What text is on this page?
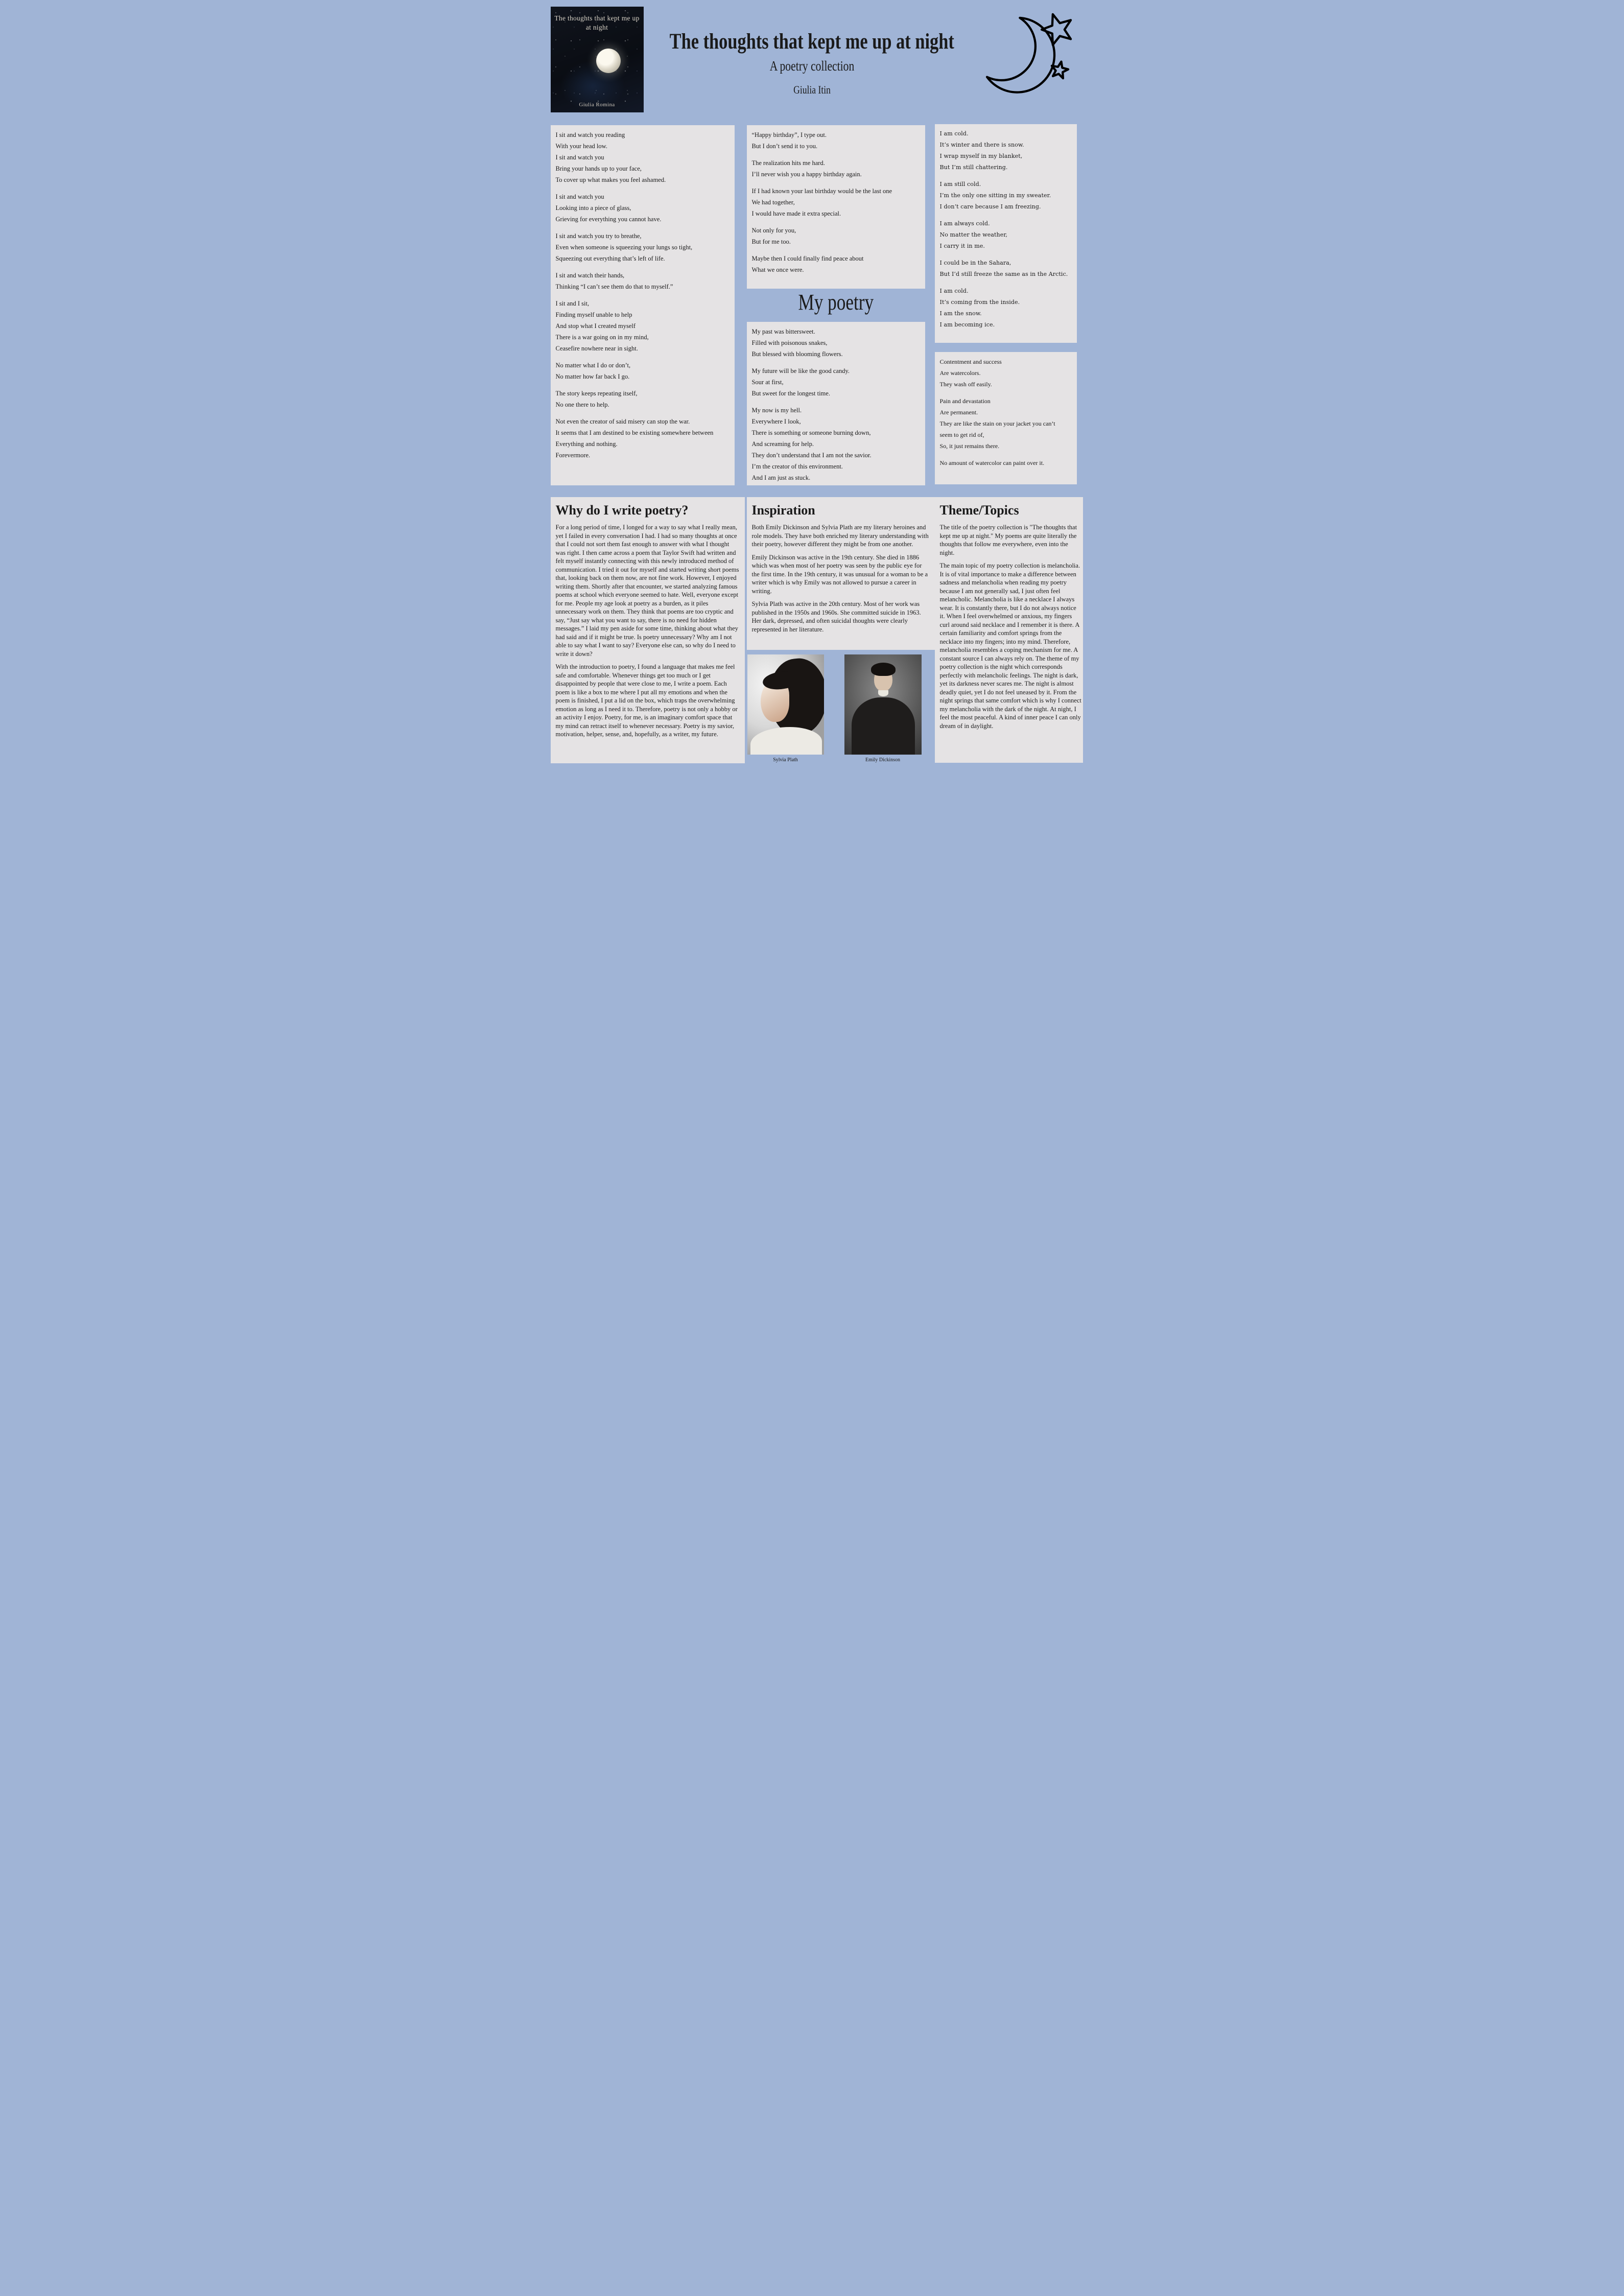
The thoughts that kept me up at night
Giulia Romina
The thoughts that kept me up at night
A poetry collection
Giulia Itin
I sit and watch you reading
With your head low.
I sit and watch you
Bring your hands up to your face,
To cover up what makes you feel ashamed.

I sit and watch you
Looking into a piece of glass,
Grieving for everything you cannot have.

I sit and watch you try to breathe,
Even when someone is squeezing your lungs so tight,
Squeezing out everything that’s left of life.

I sit and watch their hands,
Thinking “I can’t see them do that to myself.”

I sit and I sit,
Finding myself unable to help
And stop what I created myself
There is a war going on in my mind,
Ceasefire nowhere near in sight.

No matter what I do or don’t,
No matter how far back I go.

The story keeps repeating itself,
No one there to help.

Not even the creator of said misery can stop the war.
It seems that I am destined to be existing somewhere between
Everything and nothing.
Forevermore.
“Happy birthday”, I type out.
But I don’t send it to you.

The realization hits me hard.
I’ll never wish you a happy birthday again.

If I had known your last birthday would be the last one
We had together,
I would have made it extra special.

Not only for you,
But for me too.

Maybe then I could finally find peace about
What we once were.
My poetry
My past was bittersweet.
Filled with poisonous snakes,
But blessed with blooming flowers.

My future will be like the good candy.
Sour at first,
But sweet for the longest time.

My now is my hell.
Everywhere I look,
There is something or someone burning down,
And screaming for help.
They don’t understand that I am not the savior.
I’m the creator of this environment.
And I am just as stuck.
I am cold.
It’s winter and there is snow.
I wrap myself in my blanket,
But I’m still chattering.

I am still cold.
I’m the only one sitting in my sweater.
I don’t care because I am freezing.

I am always cold.
No matter the weather,
I carry it in me.

I could be in the Sahara,
But I’d still freeze the same as in the Arctic.

I am cold.
It’s coming from the inside.
I am the snow.
I am becoming ice.
Contentment and success
Are watercolors.
They wash off easily.

Pain and devastation
Are permanent.
They are like the stain on your jacket you can’t
seem to get rid of,
So, it just remains there.

No amount of watercolor can paint over it.
Why do I write poetry?

For a long period of time, I longed for a way to say what I really mean, yet I failed in every conversation I had. I had so many thoughts at once that I could not sort them fast enough to answer with what I thought was right. I then came across a poem that Taylor Swift had written and felt myself instantly connecting with this newly introduced method of communication. I tried it out for myself and started writing short poems that, looking back on them now, are not fine work. However, I enjoyed writing them. Shortly after that encounter, we started analyzing famous poems at school which everyone seemed to hate. Well, everyone except for me. People my age look at poetry as a burden, as it piles unnecessary work on them. They think that poems are too cryptic and say, “Just say what you want to say, there is no need for hidden messages.” I laid my pen aside for some time, thinking about what they had said and if it might be true. Is poetry unnecessary? Why am I not able to say what I want to say? Everyone else can, so why do I need to write it down?

With the introduction to poetry, I found a language that makes me feel safe and comfortable. Whenever things get too much or I get disappointed by people that were close to me, I write a poem. Each poem is like a box to me where I put all my emotions and when the poem is finished, I put a lid on the box, which traps the overwhelming emotion as long as I need it to. Therefore, poetry is not only a hobby or an activity I enjoy. Poetry, for me, is an imaginary comfort space that my mind can retract itself to whenever necessary. Poetry is my savior, motivation, helper, sense, and, hopefully, as a writer, my future.

Inspiration

Both Emily Dickinson and Sylvia Plath are my literary heroines and role models. They have both enriched my literary understanding with their poetry, however different they might be from one another.

Emily Dickinson was active in the 19th century. She died in 1886 which was when most of her poetry was seen by the public eye for the first time. In the 19th century, it was unusual for a woman to be a writer which is why Emily was not allowed to pursue a career in writing.

Sylvia Plath was active in the 20th century. Most of her work was published in the 1950s and 1960s. She committed suicide in 1963. Her dark, depressed, and often suicidal thoughts were clearly represented in her literature.

Theme/Topics

The title of the poetry collection is "The thoughts that kept me up at night." My poems are quite literally the thoughts that follow me everywhere, even into the night.

The main topic of my poetry collection is melancholia. It is of vital importance to make a difference between sadness and melancholia when reading my poetry because I am not generally sad, I just often feel melancholic. Melancholia is like a necklace I always wear. It is constantly there, but I do not always notice it. When I feel overwhelmed or anxious, my fingers curl around said necklace and I remember it is there. A certain familiarity and comfort springs from the necklace into my fingers; into my mind. Therefore, melancholia resembles a coping mechanism for me. A constant source I can always rely on. The theme of my poetry collection is the night which corresponds perfectly with melancholic feelings. The night is dark, yet its darkness never scares me. The night is almost deadly quiet, yet I do not feel uneased by it. From the night springs that same comfort which is why I connect my melancholia with the dark of the night. At night, I feel the most peaceful. A kind of inner peace I can only dream of in daylight.

Sylvia Plath	Emily Dickinson
